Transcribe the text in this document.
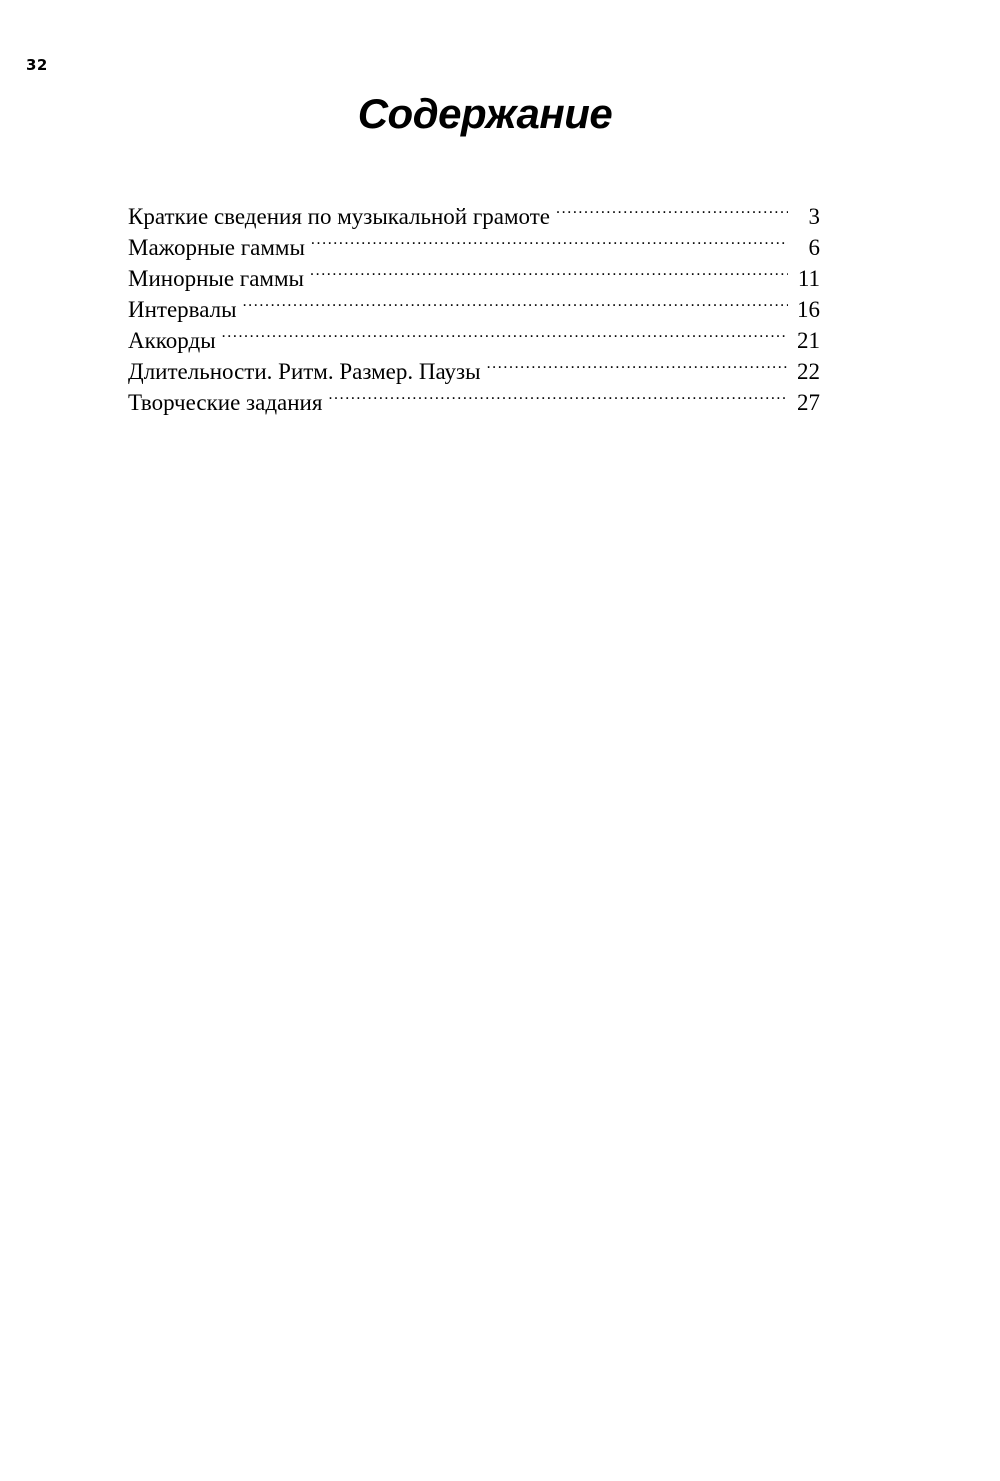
32
Содержание
Краткие сведения по музыкальной грамоте .....	3
Мажорные гаммы .....	6
Минорные гаммы .....	11
Интервалы .....	16
Аккорды .....	21
Длительности. Ритм. Размер. Паузы .....	22
Творческие задания .....	27
